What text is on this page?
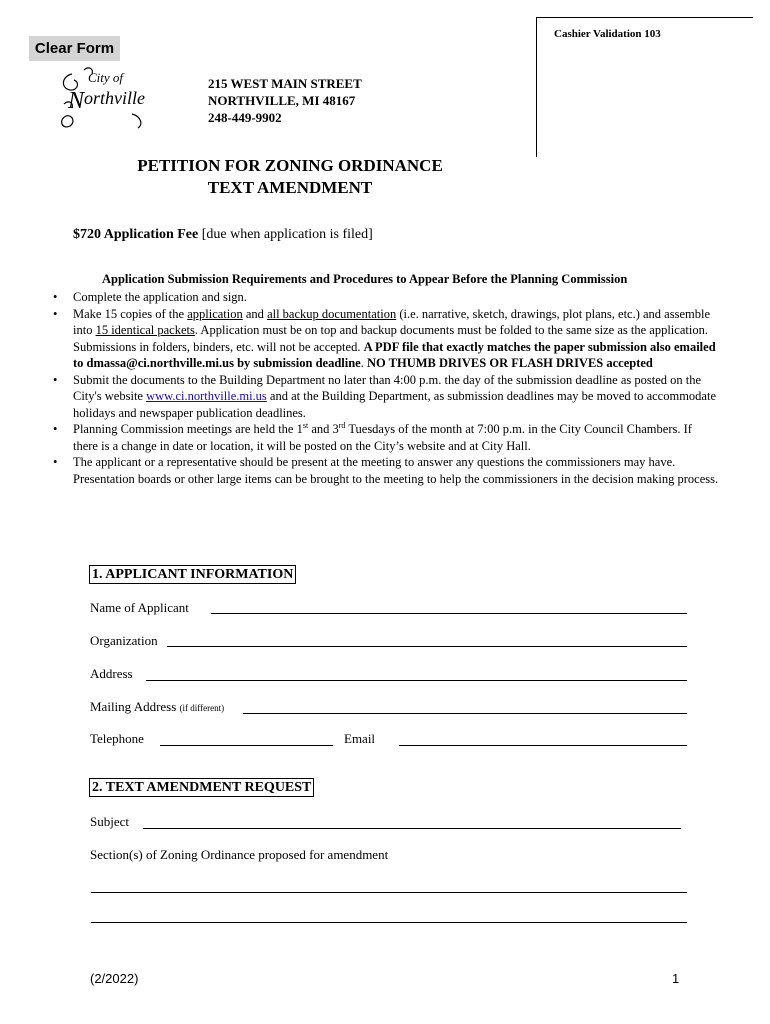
Clear Form
Cashier Validation 103
City of
N orthville
215 WEST MAIN STREET
NORTHVILLE, MI 48167
248-449-9902
PETITION FOR ZONING ORDINANCE
TEXT AMENDMENT
$720 Application Fee [due when application is filed]
Application Submission Requirements and Procedures to Appear Before the Planning Commission
• Complete the application and sign.
• Make 15 copies of the application and all backup documentation (i.e. narrative, sketch, drawings, plot plans, etc.) and assemble into 15 identical packets. Application must be on top and backup documents must be folded to the same size as the application. Submissions in folders, binders, etc. will not be accepted. A PDF file that exactly matches the paper submission also emailed to dmassa@ci.northville.mi.us by submission deadline. NO THUMB DRIVES OR FLASH DRIVES accepted
• Submit the documents to the Building Department no later than 4:00 p.m. the day of the submission deadline as posted on the City's website www.ci.northville.mi.us and at the Building Department, as submission deadlines may be moved to accommodate holidays and newspaper publication deadlines.
• Planning Commission meetings are held the 1st and 3rd Tuesdays of the month at 7:00 p.m. in the City Council Chambers. If there is a change in date or location, it will be posted on the City’s website and at City Hall.
• The applicant or a representative should be present at the meeting to answer any questions the commissioners may have. Presentation boards or other large items can be brought to the meeting to help the commissioners in the decision making process.
1. APPLICANT INFORMATION
Name of Applicant
Organization
Address
Mailing Address (if different)
Telephone	Email
2. TEXT AMENDMENT REQUEST
Subject
Section(s) of Zoning Ordinance proposed for amendment
(2/2022)	1
